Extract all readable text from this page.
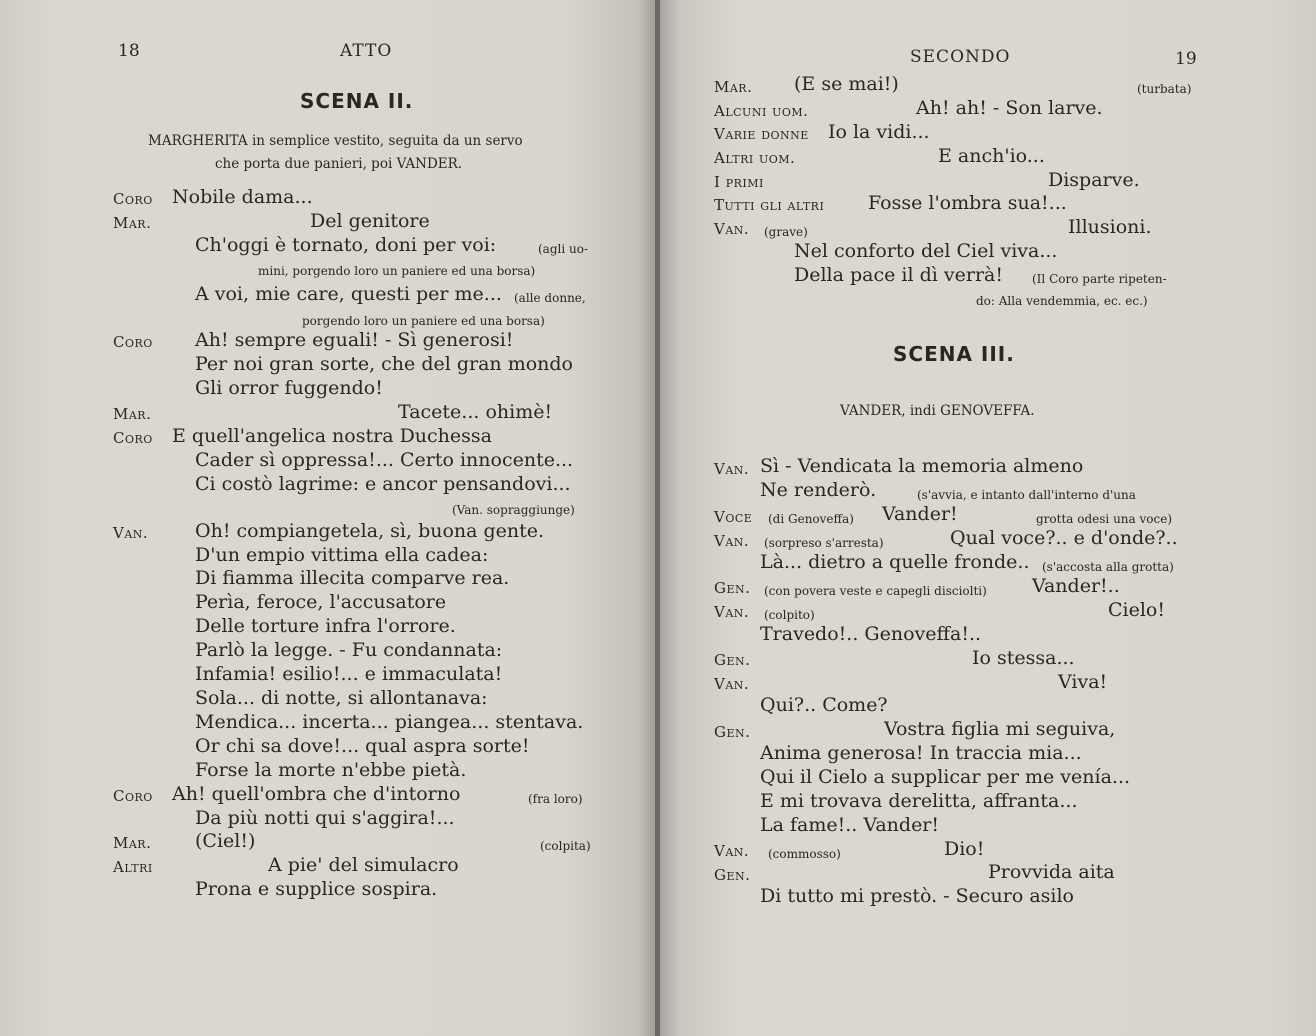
18	ATTO
SCENA II.
MARGHERITA in semplice vestito, seguita da un servo
che porta due panieri, poi VANDER.
Coro Nobile dama...
Mar.	Del genitore
Ch'oggi è tornato, doni per voi:	(agli uo-
mini, porgendo loro un paniere ed una borsa)
A voi, mie care, questi per me... (alle donne,
porgendo loro un paniere ed una borsa)
Coro Ah! sempre eguali! - Sì generosi!
Per noi gran sorte, che del gran mondo
Gli orror fuggendo!
Mar.	Tacete... ohimè!
Coro E quell'angelica nostra Duchessa
Cader sì oppressa!... Certo innocente...
Ci costò lagrime: e ancor pensandovi...
(Van. sopraggiunge)
Van. Oh! compiangetela, sì, buona gente.
D'un empio vittima ella cadea:
Di fiamma illecita comparve rea.
Perìa, feroce, l'accusatore
Delle torture infra l'orrore.
Parlò la legge. - Fu condannata:
Infamia! esilio!... e immaculata!
Sola... di notte, si allontanava:
Mendica... incerta... piangea... stentava.
Or chi sa dove!... qual aspra sorte!
Forse la morte n'ebbe pietà.
Coro Ah! quell'ombra che d'intorno	(fra loro)
Da più notti qui s'aggira!...
Mar. (Ciel!)	(colpita)
Altri	A pie' del simulacro
Prona e supplice sospira.
SECONDO	19
Mar. (E se mai!)	(turbata)
Alcuni uom.	Ah! ah! - Son larve.
Varie donne Io la vidi...
Altri uom.	E anch'io...
I primi	Disparve.
Tutti gli altri Fosse l'ombra sua!...
Van. (grave)	Illusioni.
Nel conforto del Ciel viva...
Della pace il dì verrà! (Il Coro parte ripeten-
do: Alla vendemmia, ec. ec.)
SCENA III.
VANDER, indi GENOVEFFA.
Van. Sì - Vendicata la memoria almeno
Ne renderò.	(s'avvia, e intanto dall'interno d'una
Voce (di Genoveffa) Vander!	grotta odesi una voce)
Van. (sorpreso s'arresta)	Qual voce?.. e d'onde?..
Là... dietro a quelle fronde.. (s'accosta alla grotta)
Gen. (con povera veste e capegli disciolti) Vander!..
Van. (colpito)	Cielo!
Travedo!.. Genoveffa!..
Gen.	Io stessa...
Van.	Viva!
Qui?.. Come?
Gen.	Vostra figlia mi seguiva,
Anima generosa! In traccia mia...
Qui il Cielo a supplicar per me venía...
E mi trovava derelitta, affranta...
La fame!.. Vander!
Van. (commosso)	Dio!
Gen.	Provvida aita
Di tutto mi prestò. - Securo asilo
